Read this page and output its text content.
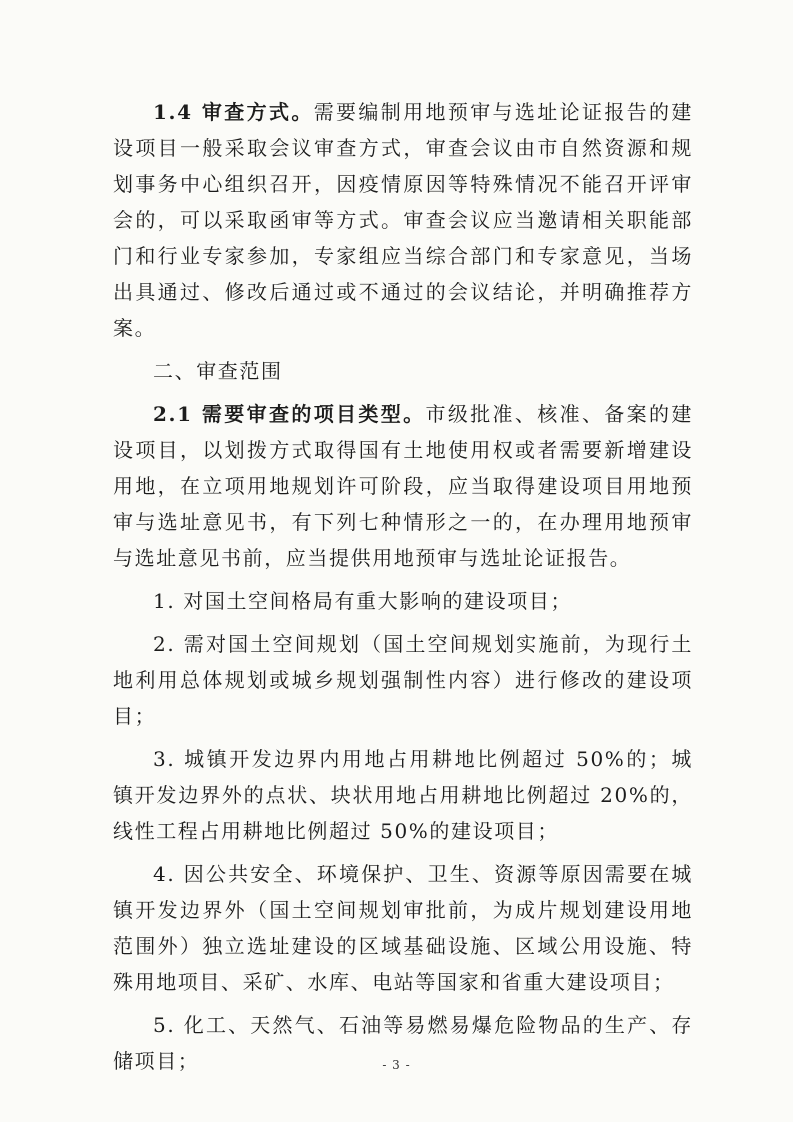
1.4 审查方式。需要编制用地预审与选址论证报告的建设项目一般采取会议审查方式，审查会议由市自然资源和规划事务中心组织召开，因疫情原因等特殊情况不能召开评审会的，可以采取函审等方式。审查会议应当邀请相关职能部门和行业专家参加，专家组应当综合部门和专家意见，当场出具通过、修改后通过或不通过的会议结论，并明确推荐方案。

二、审查范围

2.1 需要审查的项目类型。市级批准、核准、备案的建设项目，以划拨方式取得国有土地使用权或者需要新增建设用地，在立项用地规划许可阶段，应当取得建设项目用地预审与选址意见书，有下列七种情形之一的，在办理用地预审与选址意见书前，应当提供用地预审与选址论证报告。

1. 对国土空间格局有重大影响的建设项目；

2. 需对国土空间规划（国土空间规划实施前，为现行土地利用总体规划或城乡规划强制性内容）进行修改的建设项目；

3. 城镇开发边界内用地占用耕地比例超过 50%的；城镇开发边界外的点状、块状用地占用耕地比例超过 20%的，线性工程占用耕地比例超过 50%的建设项目；

4. 因公共安全、环境保护、卫生、资源等原因需要在城镇开发边界外（国土空间规划审批前，为成片规划建设用地范围外）独立选址建设的区域基础设施、区域公用设施、特殊用地项目、采矿、水库、电站等国家和省重大建设项目；

5. 化工、天然气、石油等易燃易爆危险物品的生产、存储项目；	- 3 -
